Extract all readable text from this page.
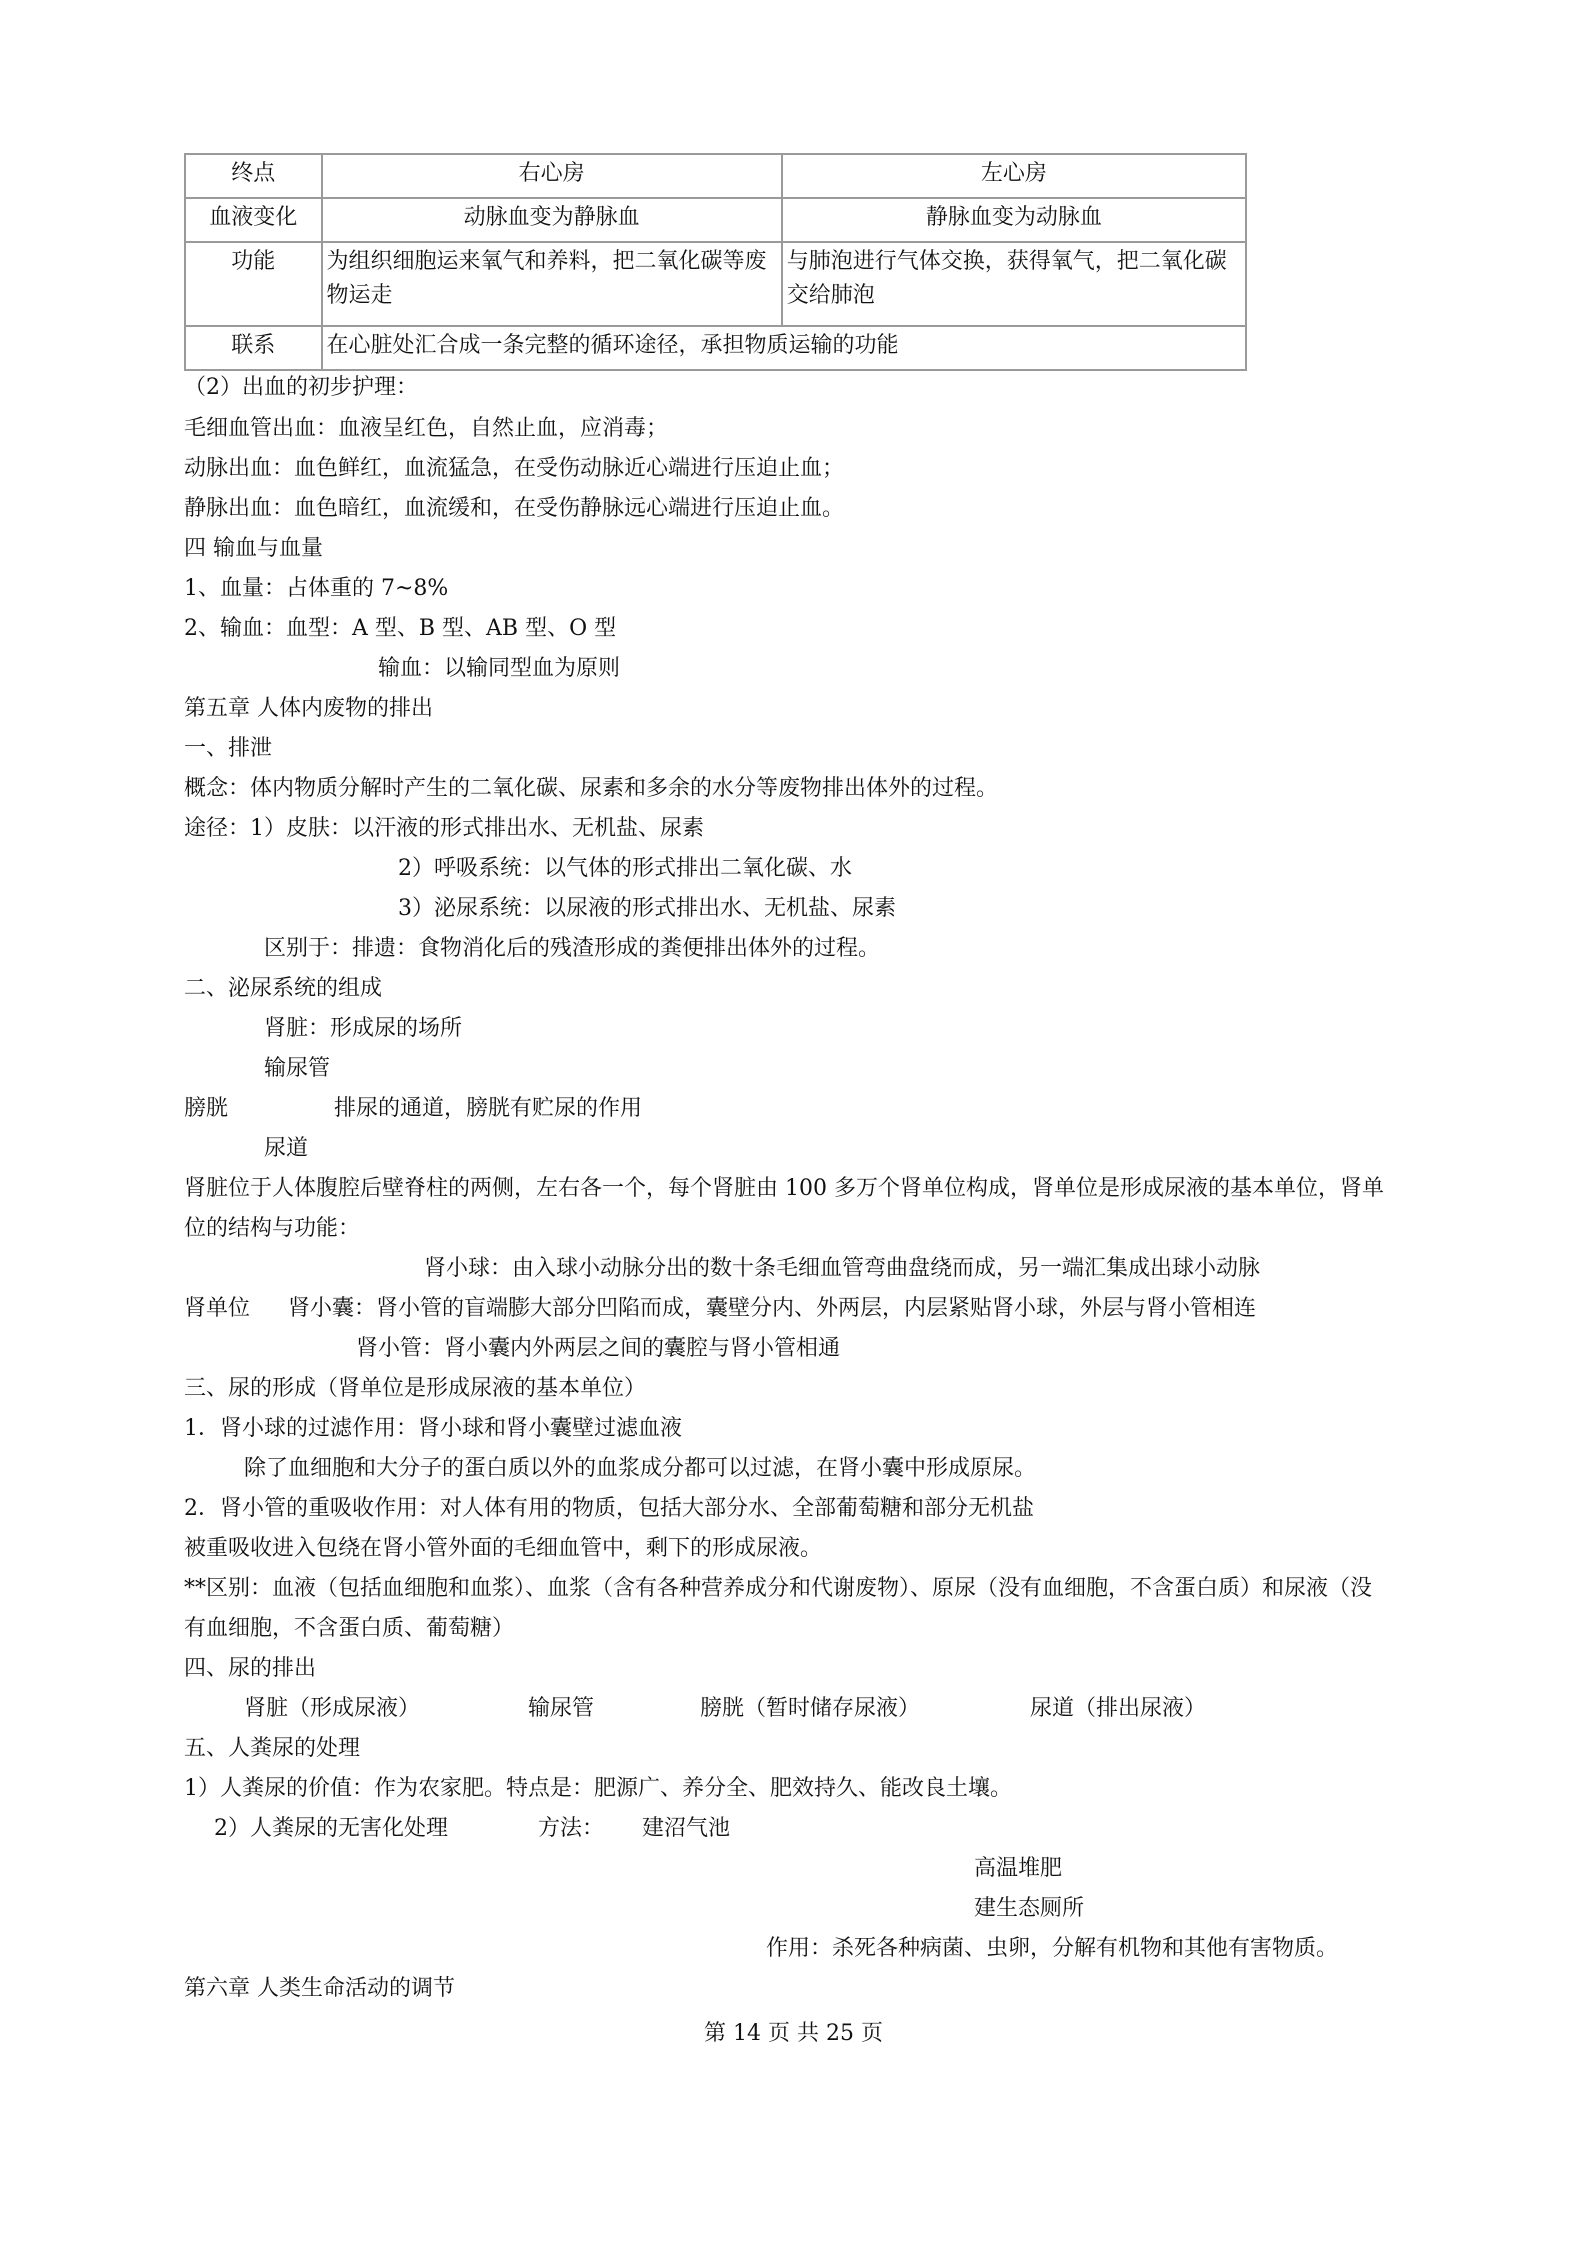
终点	右心房	左心房
血液变化	动脉血变为静脉血	静脉血变为动脉血
功能	为组织细胞运来氧气和养料，把二氧化碳等废物运走	与肺泡进行气体交换，获得氧气，把二氧化碳交给肺泡
联系	在心脏处汇合成一条完整的循环途径，承担物质运输的功能	
（2）出血的初步护理：
毛细血管出血：血液呈红色，自然止血，应消毒；
动脉出血：血色鲜红，血流猛急，在受伤动脉近心端进行压迫止血；
静脉出血：血色暗红，血流缓和，在受伤静脉远心端进行压迫止血。
四 输血与血量
1、血量：占体重的 7~8%
2、输血：血型：A 型、B 型、AB 型、O 型
输血：以输同型血为原则
第五章 人体内废物的排出
一、排泄
概念：体内物质分解时产生的二氧化碳、尿素和多余的水分等废物排出体外的过程。
途径：1）皮肤：以汗液的形式排出水、无机盐、尿素
2）呼吸系统：以气体的形式排出二氧化碳、水
3）泌尿系统：以尿液的形式排出水、无机盐、尿素
区别于：排遗：食物消化后的残渣形成的粪便排出体外的过程。
二、泌尿系统的组成
肾脏：形成尿的场所
输尿管
膀胱	排尿的通道，膀胱有贮尿的作用
尿道
肾脏位于人体腹腔后壁脊柱的两侧，左右各一个，每个肾脏由 100 多万个肾单位构成，肾单位是形成尿液的基本单位，肾单
位的结构与功能：
肾小球：由入球小动脉分出的数十条毛细血管弯曲盘绕而成，另一端汇集成出球小动脉
肾单位 肾小囊：肾小管的盲端膨大部分凹陷而成，囊壁分内、外两层，内层紧贴肾小球，外层与肾小管相连
肾小管：肾小囊内外两层之间的囊腔与肾小管相通
三、尿的形成（肾单位是形成尿液的基本单位）
1．肾小球的过滤作用：肾小球和肾小囊壁过滤血液
除了血细胞和大分子的蛋白质以外的血浆成分都可以过滤，在肾小囊中形成原尿。
2．肾小管的重吸收作用：对人体有用的物质，包括大部分水、全部葡萄糖和部分无机盐
被重吸收进入包绕在肾小管外面的毛细血管中，剩下的形成尿液。
**区别：血液（包括血细胞和血浆）、血浆（含有各种营养成分和代谢废物）、原尿（没有血细胞，不含蛋白质）和尿液（没
有血细胞，不含蛋白质、葡萄糖）
四、尿的排出
肾脏（形成尿液）	输尿管	膀胱（暂时储存尿液）	尿道（排出尿液）
五、人粪尿的处理
1）人粪尿的价值：作为农家肥。特点是：肥源广、养分全、肥效持久、能改良土壤。
2）人粪尿的无害化处理	方法： 建沼气池
高温堆肥
建生态厕所
作用：杀死各种病菌、虫卵，分解有机物和其他有害物质。
第六章 人类生命活动的调节
第 14 页 共 25 页
